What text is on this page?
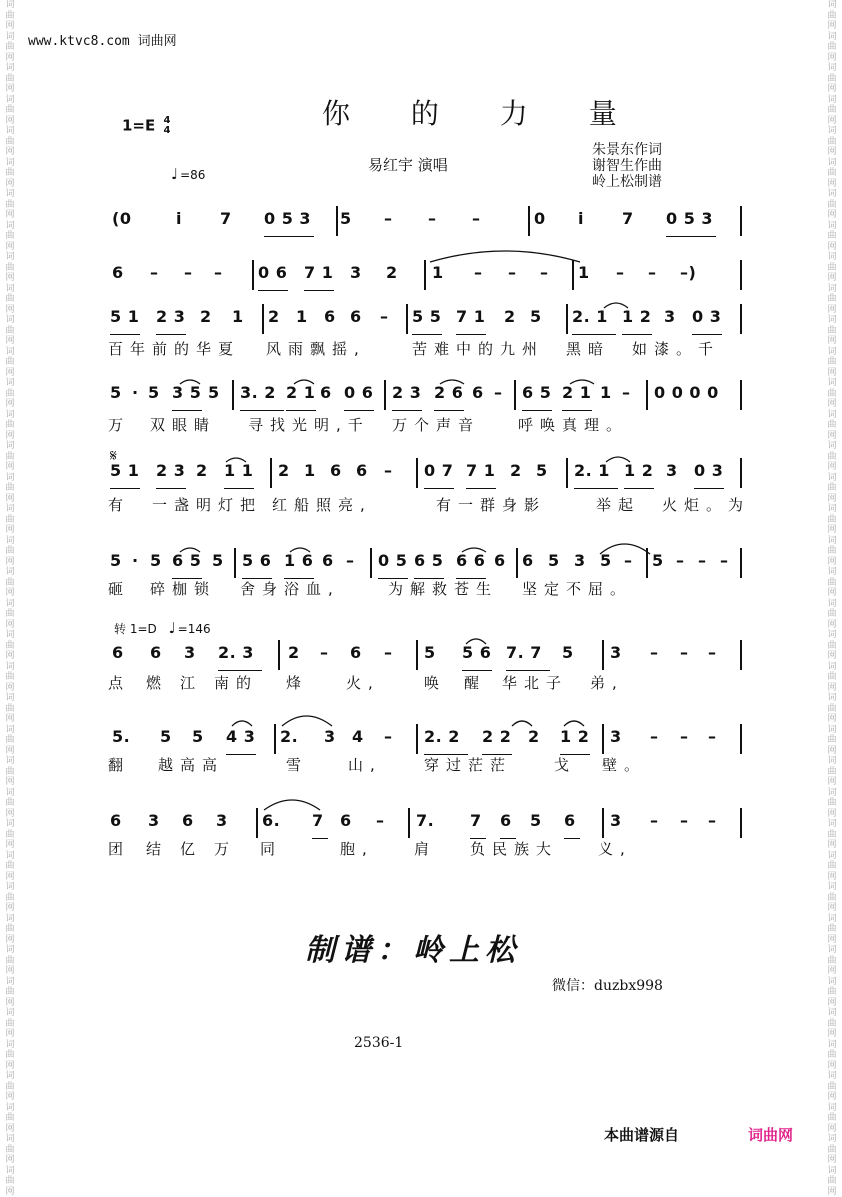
www.ktvc8.com 词曲网
词
曲
网
词
曲
网
词
曲
网
词
曲
网
词
曲
网
词
曲
网
词
曲
网
词
曲
网
词
曲
网
词
曲
网
词
曲
网
词
曲
网
词
曲
网
词
曲
网
词
曲
网
词
曲
网
词
曲
网
词
曲
网
词
曲
网
词
曲
网
词
曲
网
词
曲
网
词
曲
网
词
曲
网
词
曲
网
词
曲
网
词
曲
网
词
曲
网
词
曲
网
词
曲
网
词
曲
网
词
曲
网
词
曲
网
词
曲
网
词
曲
网
词
曲
网
词
曲
网
词
曲
网
词
曲
网
词
曲
网
词
曲
网
词
曲
网
词
曲
网
词
曲
网
词
曲
网
词
曲
网
词
曲
网
词
曲
网
词
曲
网
词
曲
网
词
曲
网
词
曲
网
词
曲
网
词
曲
网
词
曲
网
词
曲
网
词
曲
网
词
曲
网
词
曲
网
词
曲
网
词
曲
网
词
曲
网
词
曲
网
词
曲
网
词
曲
网
词
曲
网
词
曲
网
词
曲
网
词
曲
网
词
曲
网
词
曲
网
词
曲
网
词
曲
网
词
曲
网
词
曲
网
词
曲
网
1=E 4
4
你 的 力 量
易红宇 演唱
朱景东作词
谢智生作曲
岭上松制谱
♩ =86
(0	i 7 0 5 3 5 – – –	0 i 7 0 5 3
6 – – – 0 6 7 1 3 2 1 – – – 1 – – –)
5 1 2 3 2 1 2 1 6 6 – 5 5 7 1 2 5 2. 1 1 2 3 0 3
5 · 5 3 5 5 3. 2 2 1 6 0 6 2 3 2 6 6 – 6 5 2 1 1 – 0 0 0 0
5 1 2 3 2 1 1 2 1 6 6 – 0 7 7 1 2 5 2. 1 1 2 3 0 3
5 · 5 6 5 5 5 6 1 6 6 – 0 5 6 5 6 6 6 6 5 3 5 – 5 – – –
6 6 3 2. 3 2 – 6 – 5 5 6 7. 7 5 3 – – –
5. 5 5 4 3 2. 3 4 – 2. 2 2 2 2 1 2 3 – – –
6 3 6 3 6. 7 6 – 7. 7 6 5 6 3 – – –
百年前的华夏 风雨飘摇,	苦难中的九州 黑暗 如漆。千
万 双眼睛 寻找 光明,千 万个声音	呼唤真理。
有 一盏明灯把 红船照亮,	有一群身影	举起 火炬。为
砸 碎枷锁 舍身浴血,	为解救苍生 坚定不屈。
点 燃 江 南的 烽	火,	唤 醒 华北子 弟,
翻 越高高	雪	山,	穿过茫茫	戈 壁。
团 结 亿 万 同	胞,	肩 负民族大	义,
𝄋
转 1=D ♩ =146
制谱：岭上松
微信：duzbx998
2536-1
本曲谱源自	词曲网
